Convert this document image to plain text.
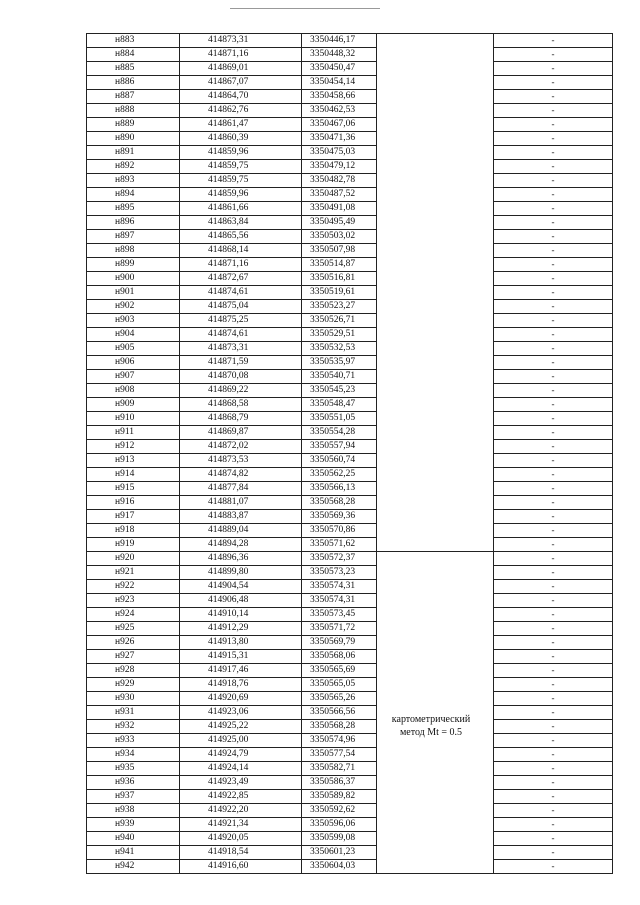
н883	414873,31	3350446,17		-
н884	414871,16	3350448,32		-
н885	414869,01	3350450,47		-
н886	414867,07	3350454,14		-
н887	414864,70	3350458,66		-
н888	414862,76	3350462,53		-
н889	414861,47	3350467,06		-
н890	414860,39	3350471,36		-
н891	414859,96	3350475,03		-
н892	414859,75	3350479,12		-
н893	414859,75	3350482,78		-
н894	414859,96	3350487,52		-
н895	414861,66	3350491,08		-
н896	414863,84	3350495,49		-
н897	414865,56	3350503,02		-
н898	414868,14	3350507,98		-
н899	414871,16	3350514,87		-
н900	414872,67	3350516,81		-
н901	414874,61	3350519,61		-
н902	414875,04	3350523,27		-
н903	414875,25	3350526,71		-
н904	414874,61	3350529,51		-
н905	414873,31	3350532,53		-
н906	414871,59	3350535,97		-
н907	414870,08	3350540,71		-
н908	414869,22	3350545,23		-
н909	414868,58	3350548,47		-
н910	414868,79	3350551,05		-
н911	414869,87	3350554,28		-
н912	414872,02	3350557,94		-
н913	414873,53	3350560,74		-
н914	414874,82	3350562,25		-
н915	414877,84	3350566,13		-
н916	414881,07	3350568,28		-
н917	414883,87	3350569,36		-
н918	414889,04	3350570,86		-
н919	414894,28	3350571,62		-
н920	414896,36	3350572,37		-
н921	414899,80	3350573,23		-
н922	414904,54	3350574,31		-
н923	414906,48	3350574,31		-
н924	414910,14	3350573,45		-
н925	414912,29	3350571,72		-
н926	414913,80	3350569,79		-
н927	414915,31	3350568,06		-
н928	414917,46	3350565,69		-
н929	414918,76	3350565,05		-
н930	414920,69	3350565,26		-
н931	414923,06	3350566,56		-
н932	414925,22	3350568,28		-
н933	414925,00	3350574,96		-
н934	414924,79	3350577,54		-
н935	414924,14	3350582,71		-
н936	414923,49	3350586,37		-
н937	414922,85	3350589,82		-
н938	414922,20	3350592,62		-
н939	414921,34	3350596,06		-
н940	414920,05	3350599,08		-
н941	414918,54	3350601,23		-
н942	414916,60	3350604,03		-
картометрический
метод Mt = 0.5
